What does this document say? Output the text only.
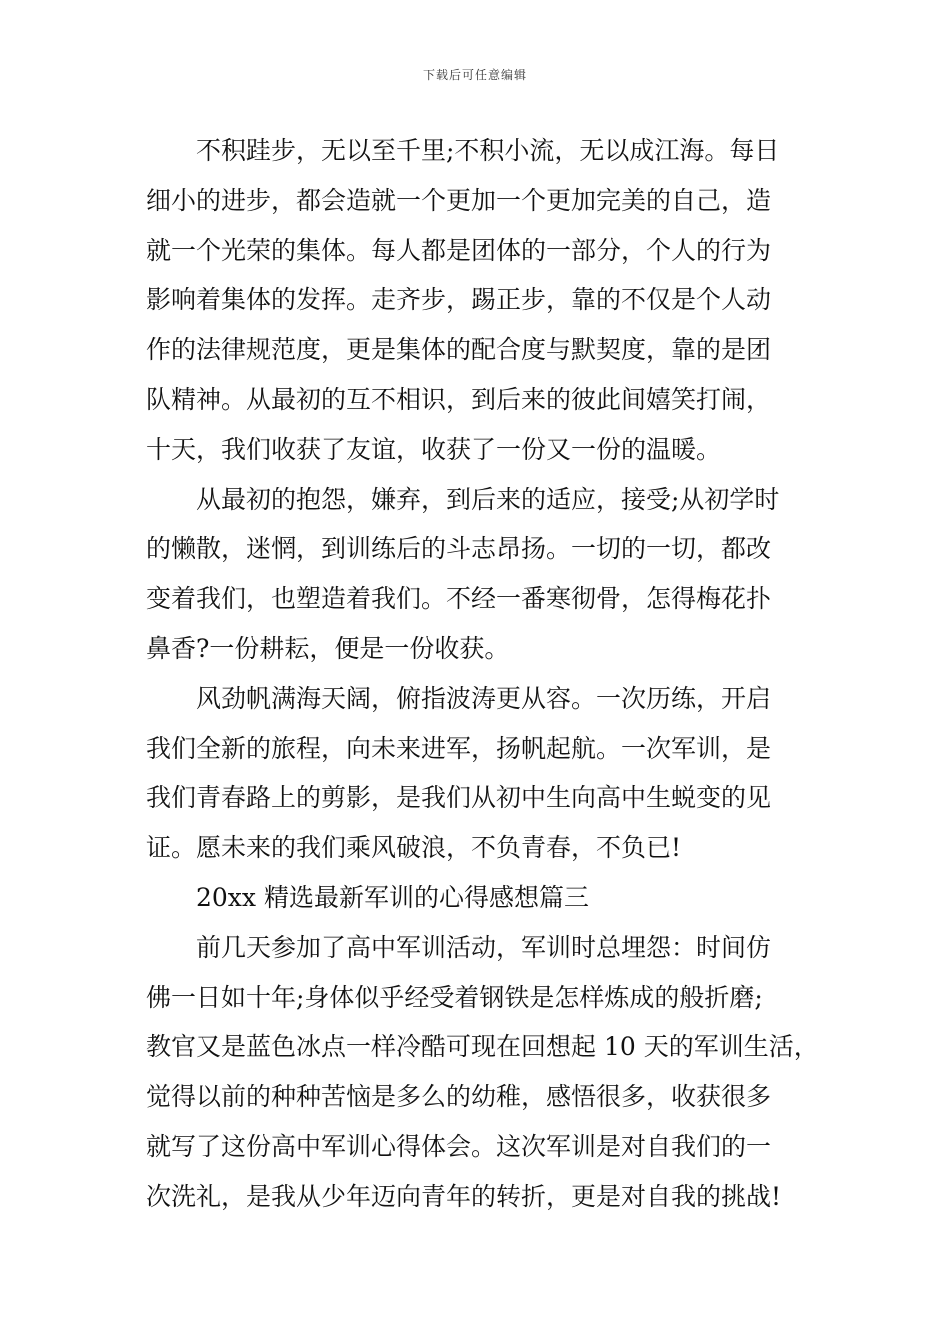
下载后可任意编辑
不积跬步，无以至千里;不积小流，无以成江海。每日
细小的进步，都会造就一个更加一个更加完美的自己，造
就一个光荣的集体。每人都是团体的一部分，个人的行为
影响着集体的发挥。走齐步，踢正步，靠的不仅是个人动
作的法律规范度，更是集体的配合度与默契度，靠的是团
队精神。从最初的互不相识，到后来的彼此间嬉笑打闹，
十天，我们收获了友谊，收获了一份又一份的温暖。
从最初的抱怨，嫌弃，到后来的适应，接受;从初学时
的懒散，迷惘，到训练后的斗志昂扬。一切的一切，都改
变着我们，也塑造着我们。不经一番寒彻骨，怎得梅花扑
鼻香?一份耕耘，便是一份收获。
风劲帆满海天阔，俯指波涛更从容。一次历练，开启
我们全新的旅程，向未来进军，扬帆起航。一次军训，是
我们青春路上的剪影，是我们从初中生向高中生蜕变的见
证。愿未来的我们乘风破浪，不负青春，不负已!
20xx 精选最新军训的心得感想篇三
前几天参加了高中军训活动，军训时总埋怨：时间仿
佛一日如十年;身体似乎经受着钢铁是怎样炼成的般折磨;
教官又是蓝色冰点一样冷酷可现在回想起 10 天的军训生活，
觉得以前的种种苦恼是多么的幼稚，感悟很多，收获很多
就写了这份高中军训心得体会。这次军训是对自我们的一
次洗礼，是我从少年迈向青年的转折，更是对自我的挑战!
